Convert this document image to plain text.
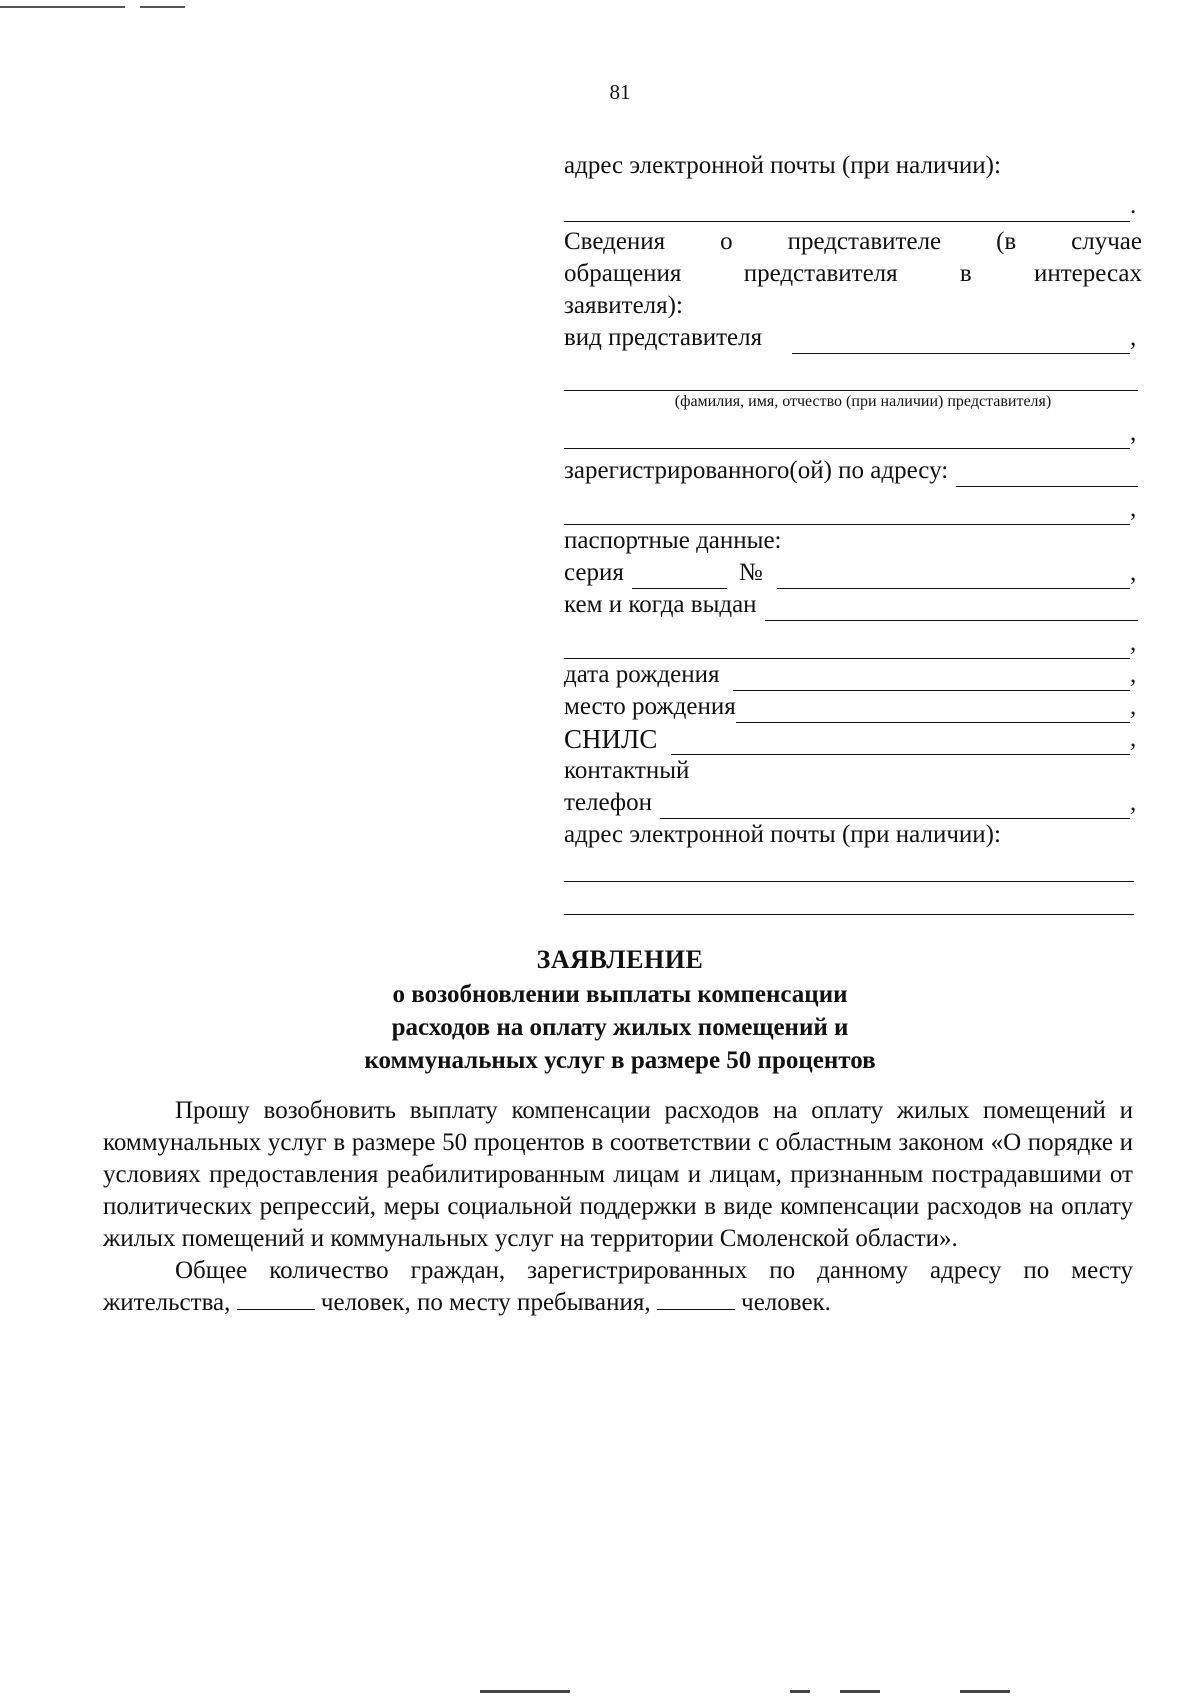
81
адрес электронной почты (при наличии):
.
Сведения о представителе (в случае
обращения представителя в интересах
заявителя):
вид представителя	,
(фамилия, имя, отчество (при наличии) представителя)
,
зарегистрированного(ой) по адресу:
,
паспортные данные:
серия	№	,
кем и когда выдан
,
дата рождения	,
место рождения	,
СНИЛС	,
контактный
телефон	,
адрес электронной почты (при наличии):
ЗАЯВЛЕНИЕ
о возобновлении выплаты компенсации
расходов на оплату жилых помещений и
коммунальных услуг в размере 50 процентов

Прошу возобновить выплату компенсации расходов на оплату жилых помещений и коммунальных услуг в размере 50 процентов в соответствии с областным законом «О порядке и условиях предоставления реабилитированным лицам и лицам, признанным пострадавшими от политических репрессий, меры социальной поддержки в виде компенсации расходов на оплату жилых помещений и коммунальных услуг на территории Смоленской области».

Общее количество граждан, зарегистрированных по данному адресу по месту жительства,	человек, по месту пребывания,	человек.
